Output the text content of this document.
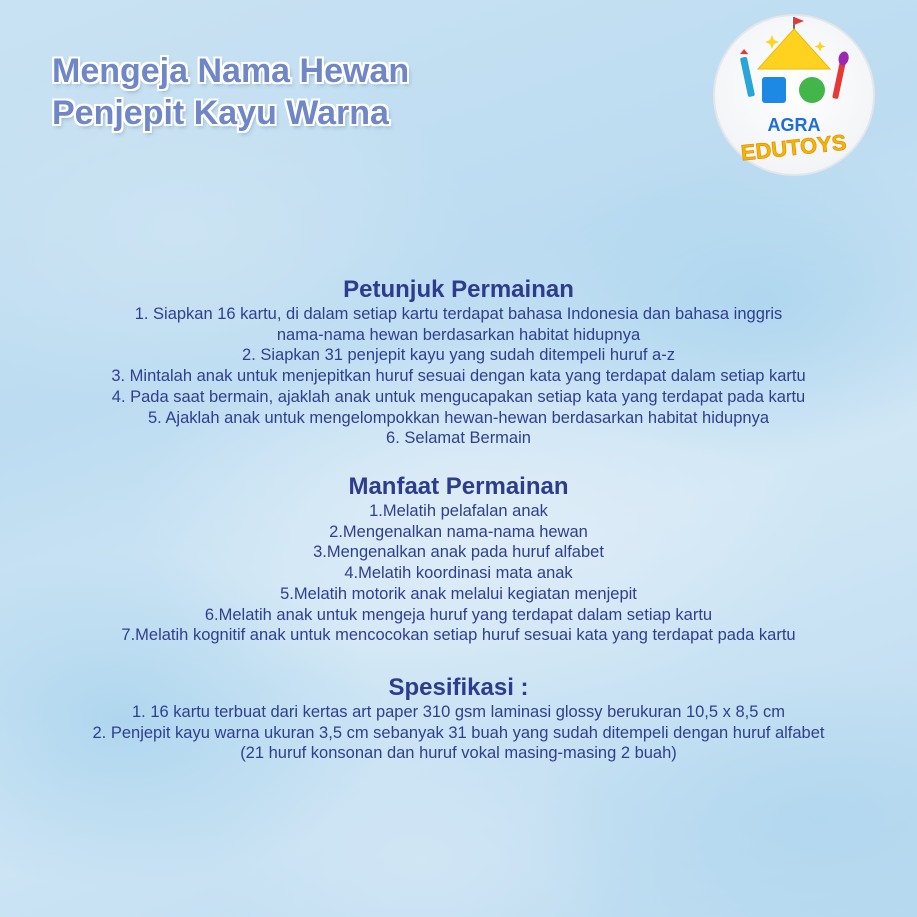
Mengeja Nama Hewan
Penjepit Kayu Warna	AGRA
EDUTOYS
Petunjuk Permainan
1. Siapkan 16 kartu, di dalam setiap kartu terdapat bahasa Indonesia dan bahasa inggris
nama-nama hewan berdasarkan habitat hidupnya
2. Siapkan 31 penjepit kayu yang sudah ditempeli huruf a-z
3. Mintalah anak untuk menjepitkan huruf sesuai dengan kata yang terdapat dalam setiap kartu
4. Pada saat bermain, ajaklah anak untuk mengucapakan setiap kata yang terdapat pada kartu
5. Ajaklah anak untuk mengelompokkan hewan-hewan berdasarkan habitat hidupnya
6. Selamat Bermain
Manfaat Permainan
1.Melatih pelafalan anak
2.Mengenalkan nama-nama hewan
3.Mengenalkan anak pada huruf alfabet
4.Melatih koordinasi mata anak
5.Melatih motorik anak melalui kegiatan menjepit
6.Melatih anak untuk mengeja huruf yang terdapat dalam setiap kartu
7.Melatih kognitif anak untuk mencocokan setiap huruf sesuai kata yang terdapat pada kartu
Spesifikasi :
1. 16 kartu terbuat dari kertas art paper 310 gsm laminasi glossy berukuran 10,5 x 8,5 cm
2. Penjepit kayu warna ukuran 3,5 cm sebanyak 31 buah yang sudah ditempeli dengan huruf alfabet
(21 huruf konsonan dan huruf vokal masing-masing 2 buah)
